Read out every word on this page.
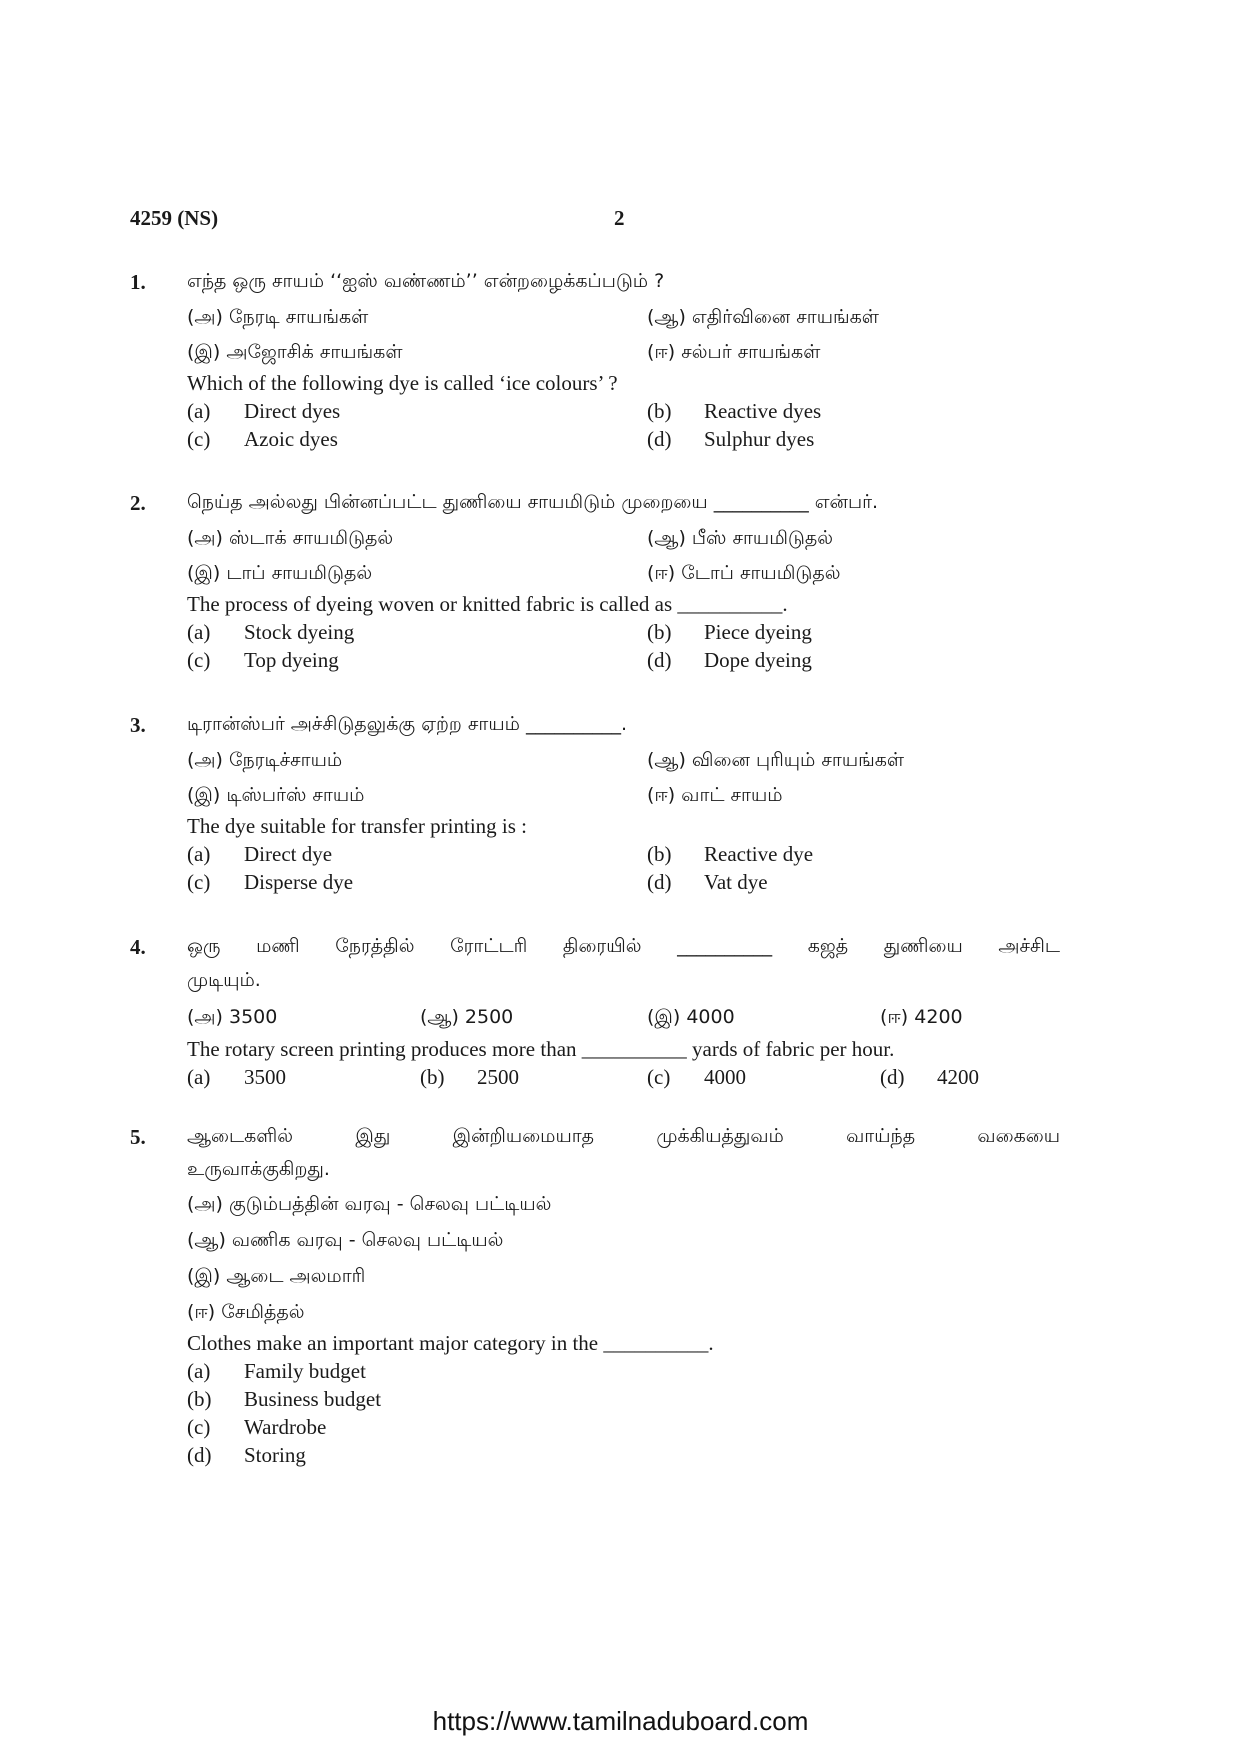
4259 (NS)	2
1. எந்த ஒரு சாயம் ‘‘ஐஸ் வண்ணம்’’ என்றழைக்கப்படும் ?
(அ) நேரடி சாயங்கள்	(ஆ) எதிர்வினை சாயங்கள்
(இ) அஜோசிக் சாயங்கள்	(ஈ) சல்பர் சாயங்கள்
Which of the following dye is called ‘ice colours’ ?
(a) Direct dyes	(b) Reactive dyes
(c) Azoic dyes	(d) Sulphur dyes
2. நெய்த அல்லது பின்னப்பட்ட துணியை சாயமிடும் முறையை __________ என்பர்.
(அ) ஸ்டாக் சாயமிடுதல்	(ஆ) பீஸ் சாயமிடுதல்
(இ) டாப் சாயமிடுதல்	(ஈ) டோப் சாயமிடுதல்
The process of dyeing woven or knitted fabric is called as __________.
(a) Stock dyeing	(b) Piece dyeing
(c) Top dyeing	(d) Dope dyeing
3. டிரான்ஸ்பர் அச்சிடுதலுக்கு ஏற்ற சாயம் __________.
(அ) நேரடிச்சாயம்	(ஆ) வினை புரியும் சாயங்கள்
(இ) டிஸ்பர்ஸ் சாயம்	(ஈ) வாட் சாயம்
The dye suitable for transfer printing is :
(a) Direct dye	(b) Reactive dye
(c) Disperse dye	(d) Vat dye
4. ஒரு மணி நேரத்தில் ரோட்டரி திரையில் __________ கஜத் துணியை அச்சிட
முடியும்.
(அ) 3500	(ஆ) 2500	(இ) 4000	(ஈ) 4200
The rotary screen printing produces more than __________ yards of fabric per hour.
(a) 3500	(b) 2500	(c) 4000	(d) 4200
5. ஆடைகளில் இது இன்றியமையாத முக்கியத்துவம் வாய்ந்த வகையை
உருவாக்குகிறது.
(அ) குடும்பத்தின் வரவு - செலவு பட்டியல்
(ஆ) வணிக வரவு - செலவு பட்டியல்
(இ) ஆடை அலமாரி
(ஈ) சேமித்தல்
Clothes make an important major category in the __________.
(a) Family budget
(b) Business budget
(c) Wardrobe
(d) Storing
https://www.tamilnaduboard.com
